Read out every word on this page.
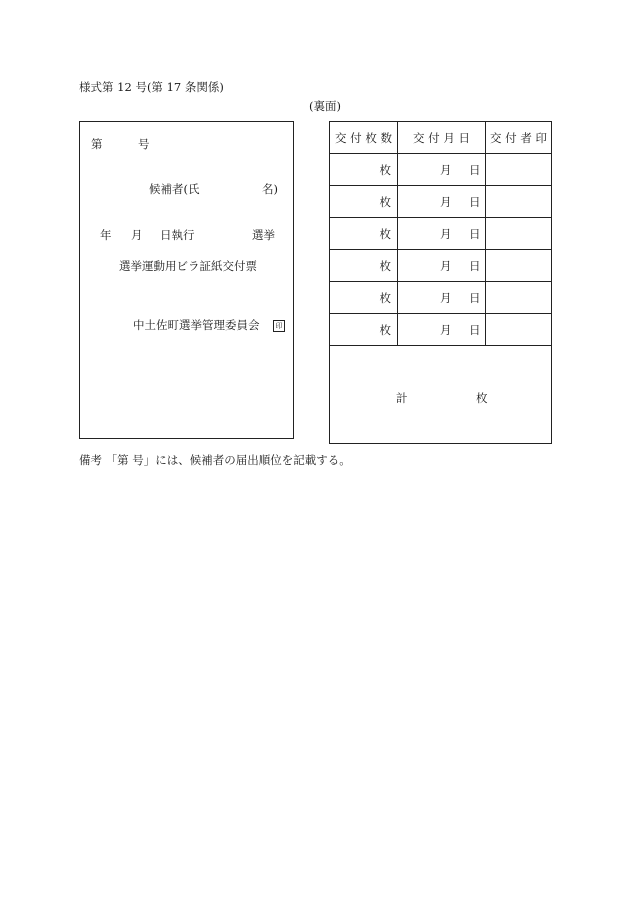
様式第 12 号(第 17 条関係)
(裏面)
第	号
候補者(氏	名)
年 月 日執行	選挙
選挙運動用ビラ証紙交付票
中土佐町選挙管理委員会	印
交 付 枚 数	交 付 月 日	交 付 者 印
枚	月 日	

枚	月 日	

枚	月 日	

枚	月 日	

枚	月 日	

枚	月 日	

計 枚		
備考 「第 号」には、候補者の届出順位を記載する。
